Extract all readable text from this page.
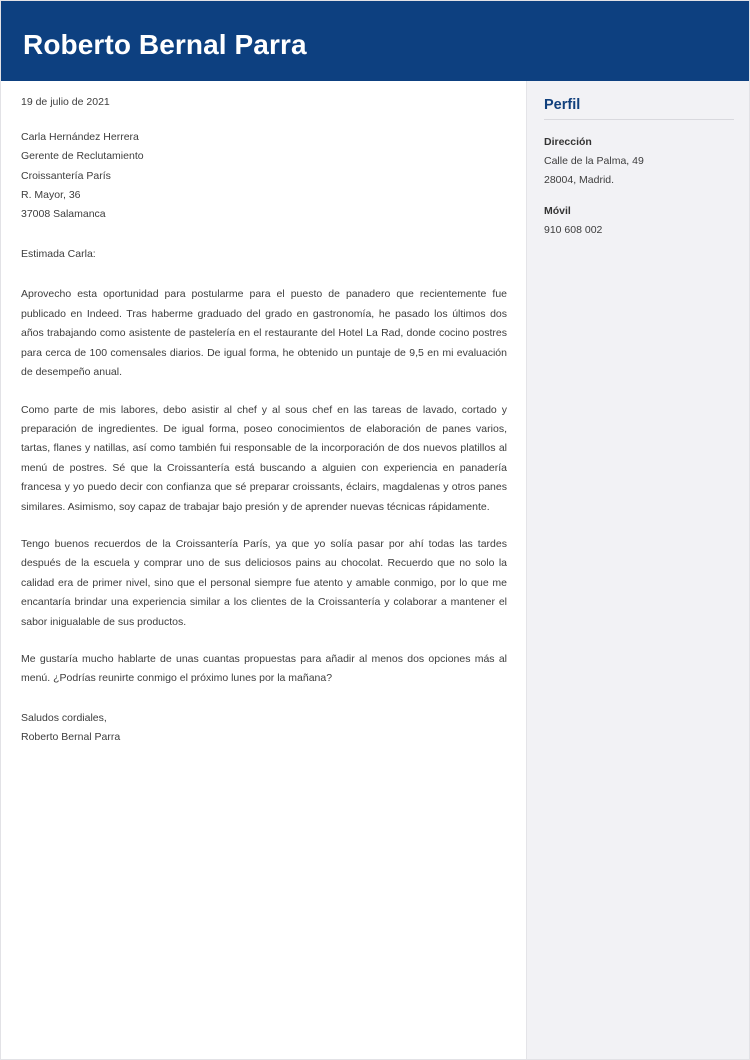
Roberto Bernal Parra

19 de julio de 2021

Carla Hernández Herrera
Gerente de Reclutamiento
Croissantería París
R. Mayor, 36
37008 Salamanca

Estimada Carla:

Aprovecho esta oportunidad para postularme para el puesto de panadero que recientemente fue publicado en Indeed. Tras haberme graduado del grado en gastronomía, he pasado los últimos dos años trabajando como asistente de pastelería en el restaurante del Hotel La Rad, donde cocino postres para cerca de 100 comensales diarios. De igual forma, he obtenido un puntaje de 9,5 en mi evaluación de desempeño anual.

Como parte de mis labores, debo asistir al chef y al sous chef en las tareas de lavado, cortado y preparación de ingredientes. De igual forma, poseo conocimientos de elaboración de panes varios, tartas, flanes y natillas, así como también fui responsable de la incorporación de dos nuevos platillos al menú de postres. Sé que la Croissantería está buscando a alguien con experiencia en panadería francesa y yo puedo decir con confianza que sé preparar croissants, éclairs, magdalenas y otros panes similares. Asimismo, soy capaz de trabajar bajo presión y de aprender nuevas técnicas rápidamente.

Tengo buenos recuerdos de la Croissantería París, ya que yo solía pasar por ahí todas las tardes después de la escuela y comprar uno de sus deliciosos pains au chocolat. Recuerdo que no solo la calidad era de primer nivel, sino que el personal siempre fue atento y amable conmigo, por lo que me encantaría brindar una experiencia similar a los clientes de la Croissantería y colaborar a mantener el sabor inigualable de sus productos.

Me gustaría mucho hablarte de unas cuantas propuestas para añadir al menos dos opciones más al menú. ¿Podrías reunirte conmigo el próximo lunes por la mañana?

Saludos cordiales,
Roberto Bernal Parra
Perfil
Dirección
Calle de la Palma, 49
28004, Madrid.
Móvil
910 608 002
